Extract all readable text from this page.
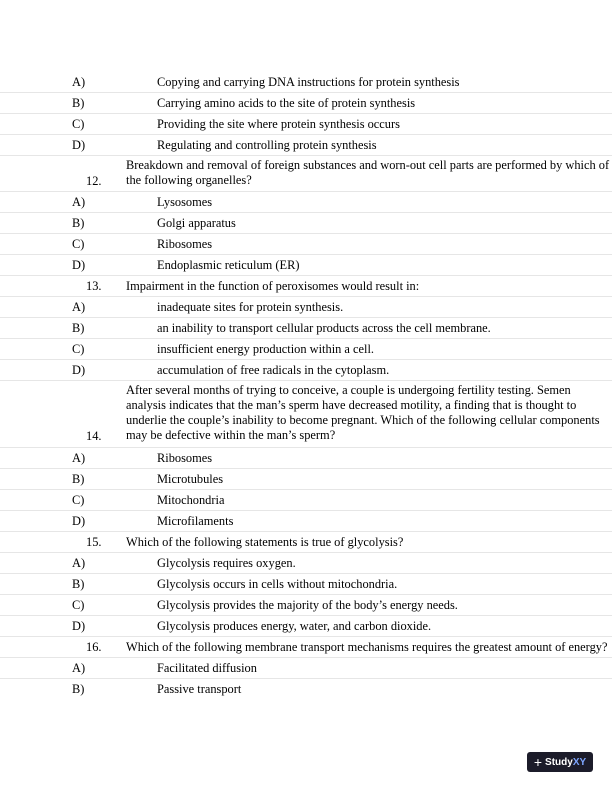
A)	Copying and carrying DNA instructions for protein synthesis
B)	Carrying amino acids to the site of protein synthesis
C)	Providing the site where protein synthesis occurs
D)	Regulating and controlling protein synthesis
12.
Breakdown and removal of foreign substances and worn-out cell parts are performed by which of
the following organelles?
A)	Lysosomes
B)	Golgi apparatus
C)	Ribosomes
D)	Endoplasmic reticulum (ER)
13. Impairment in the function of peroxisomes would result in:
A)	inadequate sites for protein synthesis.
B)	an inability to transport cellular products across the cell membrane.
C)	insufficient energy production within a cell.
D)	accumulation of free radicals in the cytoplasm.
14.
After several months of trying to conceive, a couple is undergoing fertility testing. Semen
analysis indicates that the man’s sperm have decreased motility, a finding that is thought to
underlie the couple’s inability to become pregnant. Which of the following cellular components
may be defective within the man’s sperm?
A)	Ribosomes
B)	Microtubules
C)	Mitochondria
D)	Microfilaments
15. Which of the following statements is true of glycolysis?
A)	Glycolysis requires oxygen.
B)	Glycolysis occurs in cells without mitochondria.
C)	Glycolysis provides the majority of the body’s energy needs.
D)	Glycolysis produces energy, water, and carbon dioxide.
16. Which of the following membrane transport mechanisms requires the greatest amount of energy?
A)	Facilitated diffusion
B)	Passive transport
+ Study XY
